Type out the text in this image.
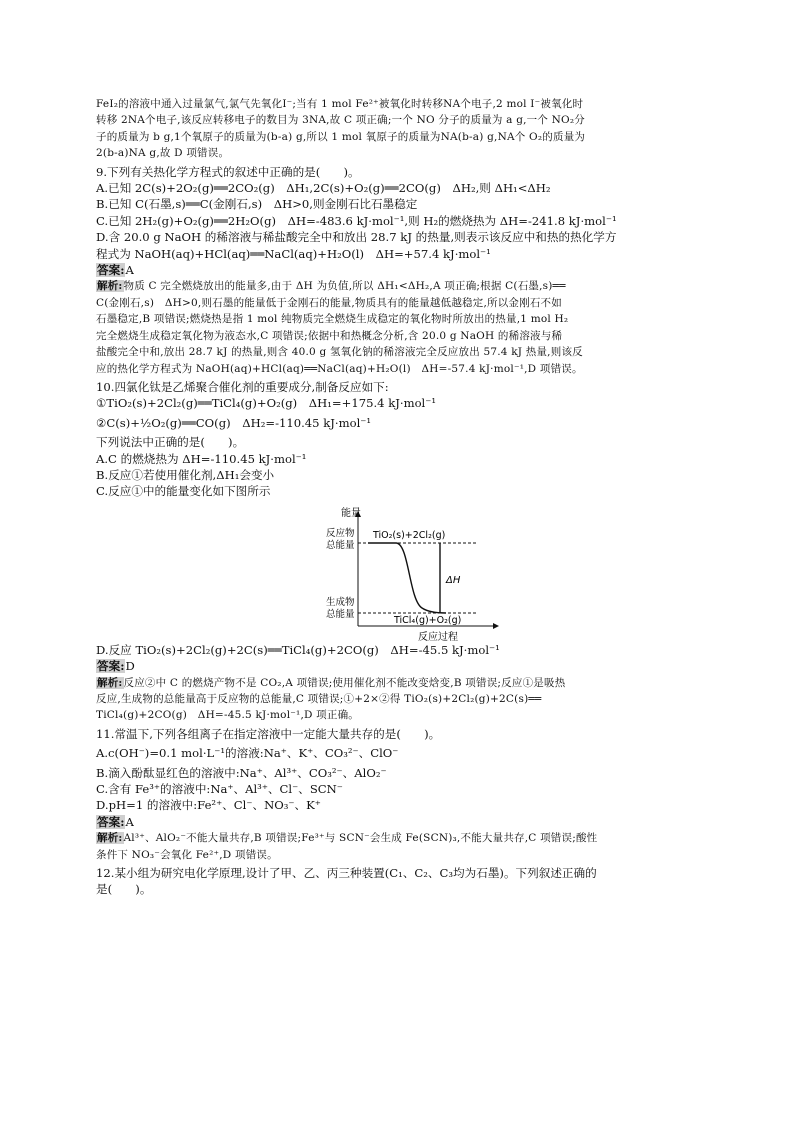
FeI₂的溶液中通入过量氯气,氯气先氧化I⁻;当有 1 mol Fe²⁺被氧化时转移NA个电子,2 mol I⁻被氧化时
转移 2NA个电子,该反应转移电子的数目为 3NA,故 C 项正确;一个 NO 分子的质量为 a g,一个 NO₂分
子的质量为 b g,1个氧原子的质量为(b-a) g,所以 1 mol 氧原子的质量为NA(b-a) g,NA个 O₂的质量为
2(b-a)NA g,故 D 项错误。
9.下列有关热化学方程式的叙述中正确的是(　　)。
A.已知 2C(s)+2O₂(g)══2CO₂(g)　ΔH₁,2C(s)+O₂(g)══2CO(g)　ΔH₂,则 ΔH₁<ΔH₂
B.已知 C(石墨,s)══C(金刚石,s)　ΔH>0,则金刚石比石墨稳定
C.已知 2H₂(g)+O₂(g)══2H₂O(g)　ΔH=-483.6 kJ·mol⁻¹,则 H₂的燃烧热为 ΔH=-241.8 kJ·mol⁻¹
D.含 20.0 g NaOH 的稀溶液与稀盐酸完全中和放出 28.7 kJ 的热量,则表示该反应中和热的热化学方
程式为 NaOH(aq)+HCl(aq)══NaCl(aq)+H₂O(l)　ΔH=+57.4 kJ·mol⁻¹
答案:A
解析:物质 C 完全燃烧放出的能量多,由于 ΔH 为负值,所以 ΔH₁<ΔH₂,A 项正确;根据 C(石墨,s)══
C(金刚石,s)　ΔH>0,则石墨的能量低于金刚石的能量,物质具有的能量越低越稳定,所以金刚石不如
石墨稳定,B 项错误;燃烧热是指 1 mol 纯物质完全燃烧生成稳定的氧化物时所放出的热量,1 mol H₂
完全燃烧生成稳定氧化物为液态水,C 项错误;依据中和热概念分析,含 20.0 g NaOH 的稀溶液与稀
盐酸完全中和,放出 28.7 kJ 的热量,则含 40.0 g 氢氧化钠的稀溶液完全反应放出 57.4 kJ 热量,则该反
应的热化学方程式为 NaOH(aq)+HCl(aq)══NaCl(aq)+H₂O(l)　ΔH=-57.4 kJ·mol⁻¹,D 项错误。
10.四氯化钛是乙烯聚合催化剂的重要成分,制备反应如下:
①TiO₂(s)+2Cl₂(g)══TiCl₄(g)+O₂(g)　ΔH₁=+175.4 kJ·mol⁻¹
②C(s)+½O₂(g)══CO(g)　ΔH₂=-110.45 kJ·mol⁻¹
下列说法中正确的是(　　)。
A.C 的燃烧热为 ΔH=-110.45 kJ·mol⁻¹
B.反应①若使用催化剂,ΔH₁会变小
C.反应①中的能量变化如下图所示
能量
反应过程
反应物
总能量
生成物
总能量
ΔH
TiO₂(s)+2Cl₂(g)
TiCl₄(g)+O₂(g)
D.反应 TiO₂(s)+2Cl₂(g)+2C(s)══TiCl₄(g)+2CO(g)　ΔH=-45.5 kJ·mol⁻¹
答案:D
解析:反应②中 C 的燃烧产物不是 CO₂,A 项错误;使用催化剂不能改变焓变,B 项错误;反应①是吸热
反应,生成物的总能量高于反应物的总能量,C 项错误;①+2×②得 TiO₂(s)+2Cl₂(g)+2C(s)══
TiCl₄(g)+2CO(g)　ΔH=-45.5 kJ·mol⁻¹,D 项正确。
11.常温下,下列各组离子在指定溶液中一定能大量共存的是(　　)。
A.c(OH⁻)=0.1 mol·L⁻¹的溶液:Na⁺、K⁺、CO₃²⁻、ClO⁻
B.滴入酚酞显红色的溶液中:Na⁺、Al³⁺、CO₃²⁻、AlO₂⁻
C.含有 Fe³⁺的溶液中:Na⁺、Al³⁺、Cl⁻、SCN⁻
D.pH=1 的溶液中:Fe²⁺、Cl⁻、NO₃⁻、K⁺
答案:A
解析:Al³⁺、AlO₂⁻不能大量共存,B 项错误;Fe³⁺与 SCN⁻会生成 Fe(SCN)₃,不能大量共存,C 项错误;酸性
条件下 NO₃⁻会氧化 Fe²⁺,D 项错误。
12.某小组为研究电化学原理,设计了甲、乙、丙三种装置(C₁、C₂、C₃均为石墨)。下列叙述正确的
是(　　)。
